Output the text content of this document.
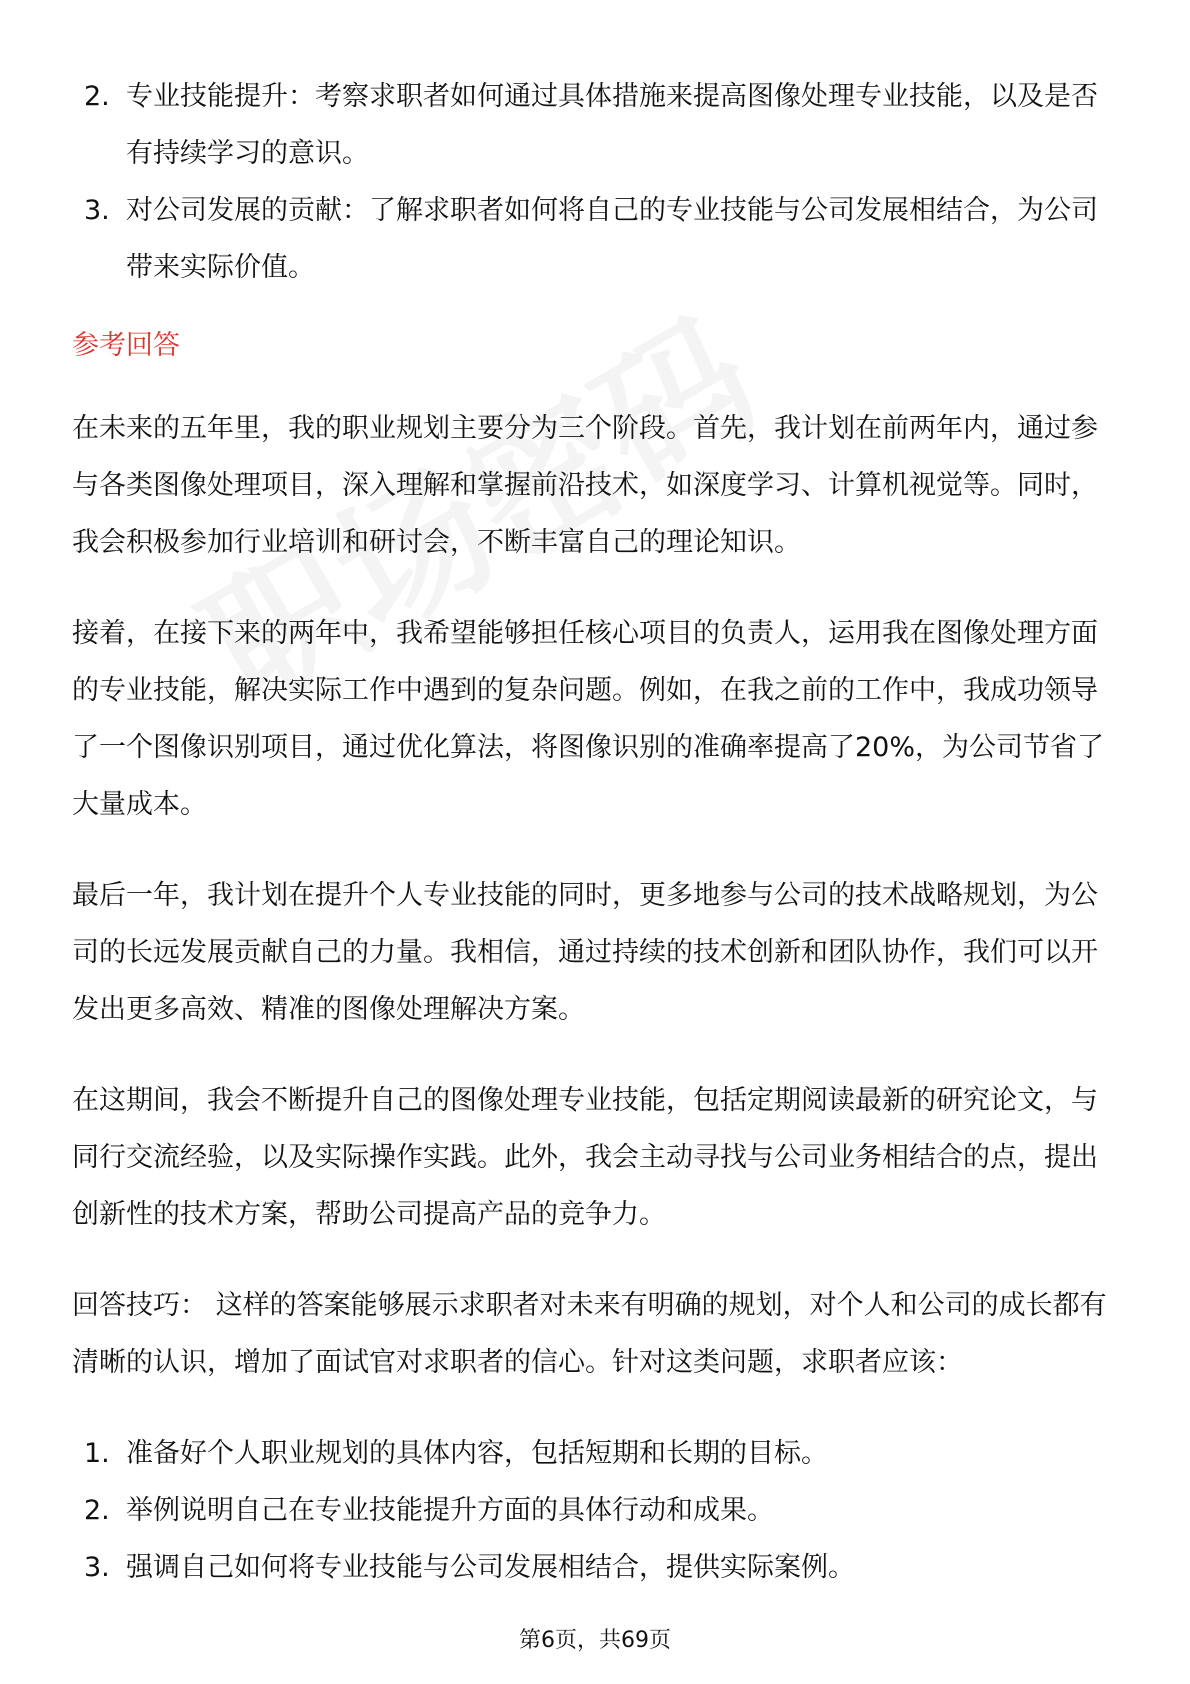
2. 专业技能提升：考察求职者如何通过具体措施来提高图像处理专业技能，以及是否有持续学习的意识。
3. 对公司发展的贡献：了解求职者如何将自己的专业技能与公司发展相结合，为公司带来实际价值。
参考回答

在未来的五年里，我的职业规划主要分为三个阶段。首先，我计划在前两年内，通过参与各类图像处理项目，深入理解和掌握前沿技术，如深度学习、计算机视觉等。同时，我会积极参加行业培训和研讨会，不断丰富自己的理论知识。

接着，在接下来的两年中，我希望能够担任核心项目的负责人，运用我在图像处理方面的专业技能，解决实际工作中遇到的复杂问题。例如，在我之前的工作中，我成功领导了一个图像识别项目，通过优化算法，将图像识别的准确率提高了20%，为公司节省了大量成本。

最后一年，我计划在提升个人专业技能的同时，更多地参与公司的技术战略规划，为公司的长远发展贡献自己的力量。我相信，通过持续的技术创新和团队协作，我们可以开发出更多高效、精准的图像处理解决方案。

在这期间，我会不断提升自己的图像处理专业技能，包括定期阅读最新的研究论文，与同行交流经验，以及实际操作实践。此外，我会主动寻找与公司业务相结合的点，提出创新性的技术方案，帮助公司提高产品的竞争力。

回答技巧： 这样的答案能够展示求职者对未来有明确的规划，对个人和公司的成长都有清晰的认识，增加了面试官对求职者的信心。针对这类问题，求职者应该：

1. 准备好个人职业规划的具体内容，包括短期和长期的目标。
2. 举例说明自己在专业技能提升方面的具体行动和成果。
3. 强调自己如何将专业技能与公司发展相结合，提供实际案例。
第6页，共69页
